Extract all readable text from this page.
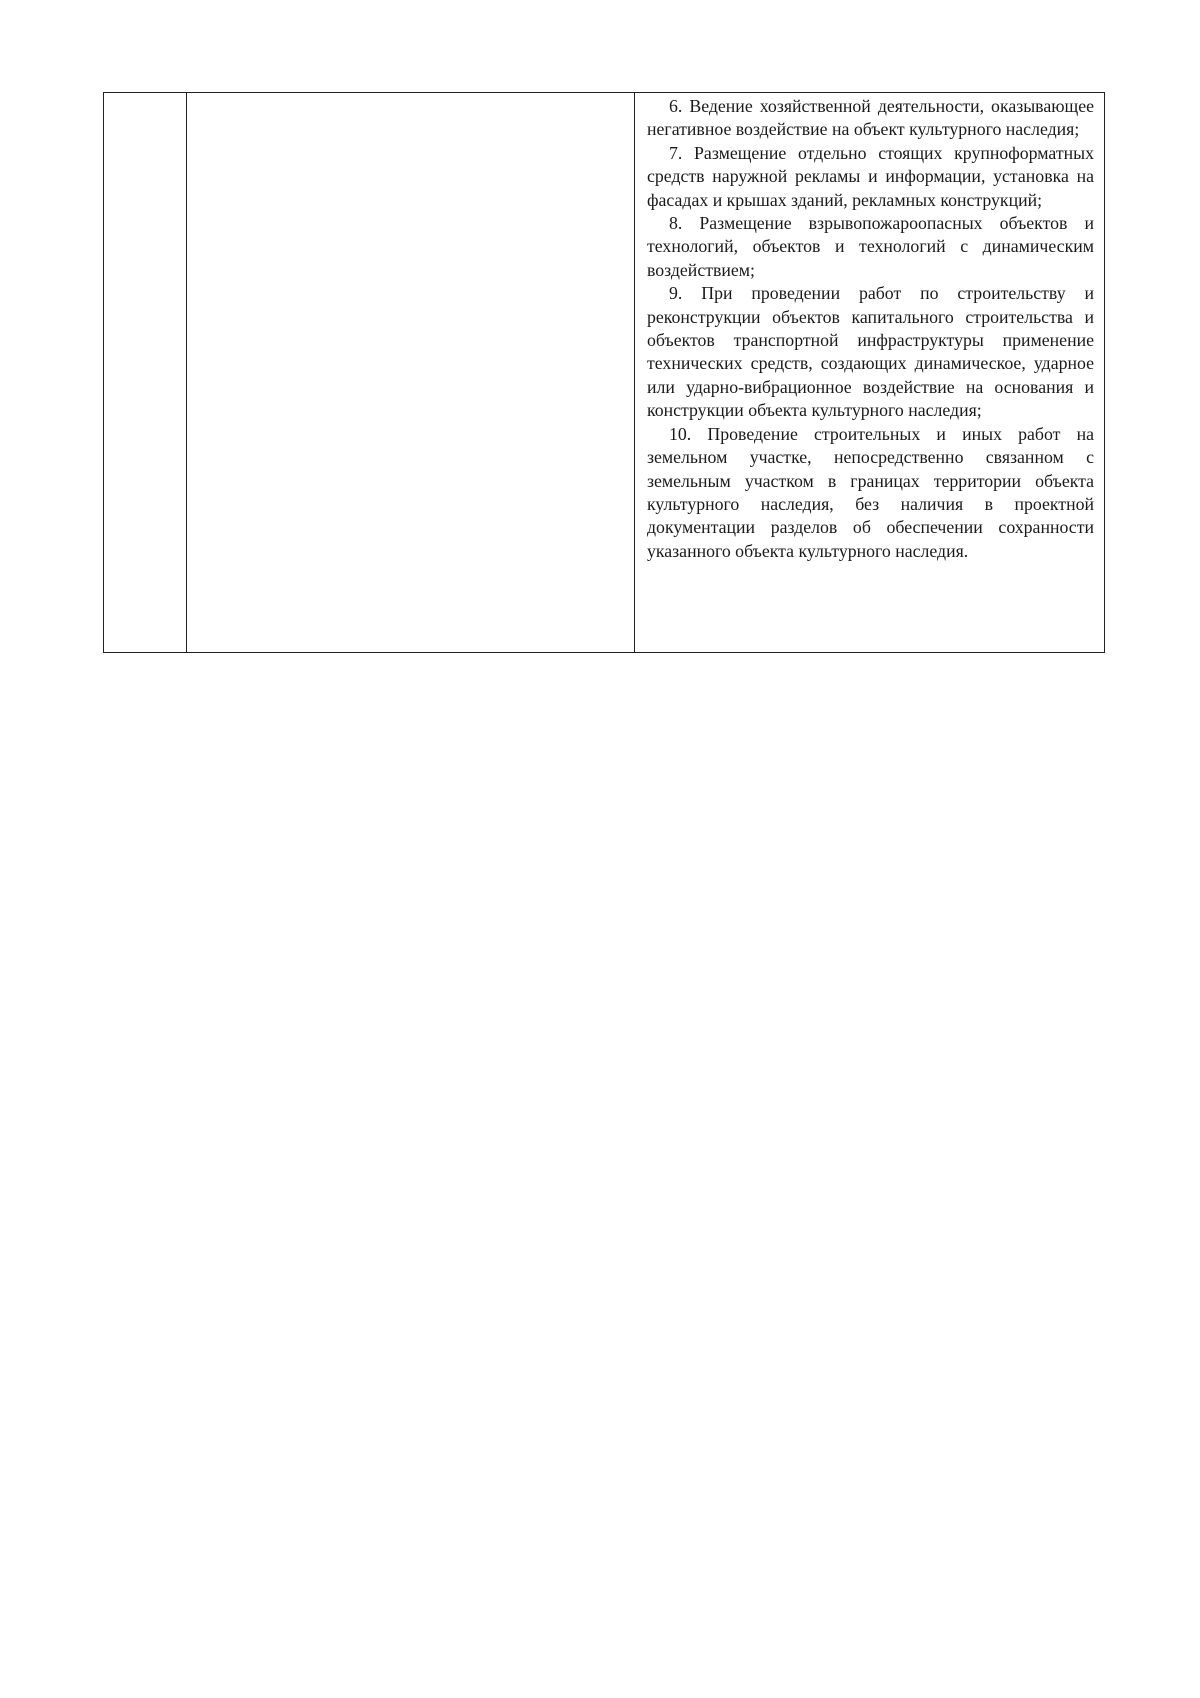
6. Ведение хозяйственной деятельности, оказывающее негативное воздействие на объект культурного наследия;

7. Размещение отдельно стоящих крупноформатных средств наружной рекламы и информации, установка на фасадах и крышах зданий, рекламных конструкций;

8. Размещение взрывопожароопасных объектов и технологий, объектов и технологий с динамическим воздействием;

9. При проведении работ по строительству и реконструкции объектов капитального строительства и объектов транспортной инфраструктуры применение технических средств, создающих динамическое, ударное или ударно-вибрационное воздействие на основания и конструкции объекта культурного наследия;

10. Проведение строительных и иных работ на земельном участке, непосредственно связанном с земельным участком в границах территории объекта культурного наследия, без наличия в проектной документации разделов об обеспечении сохранности указанного объекта культурного наследия.
